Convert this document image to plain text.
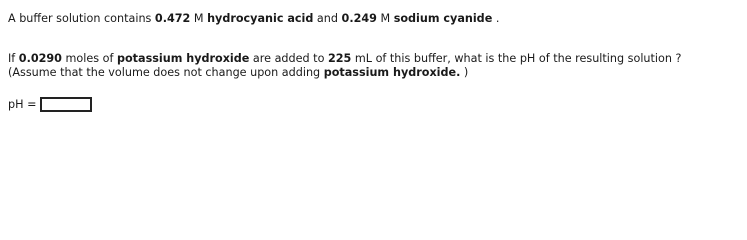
A buffer solution contains 0.472 M hydrocyanic acid and 0.249 M sodium cyanide .
If 0.0290 moles of potassium hydroxide are added to 225 mL of this buffer, what is the pH of the resulting solution ?
(Assume that the volume does not change upon adding potassium hydroxide. )
pH =
